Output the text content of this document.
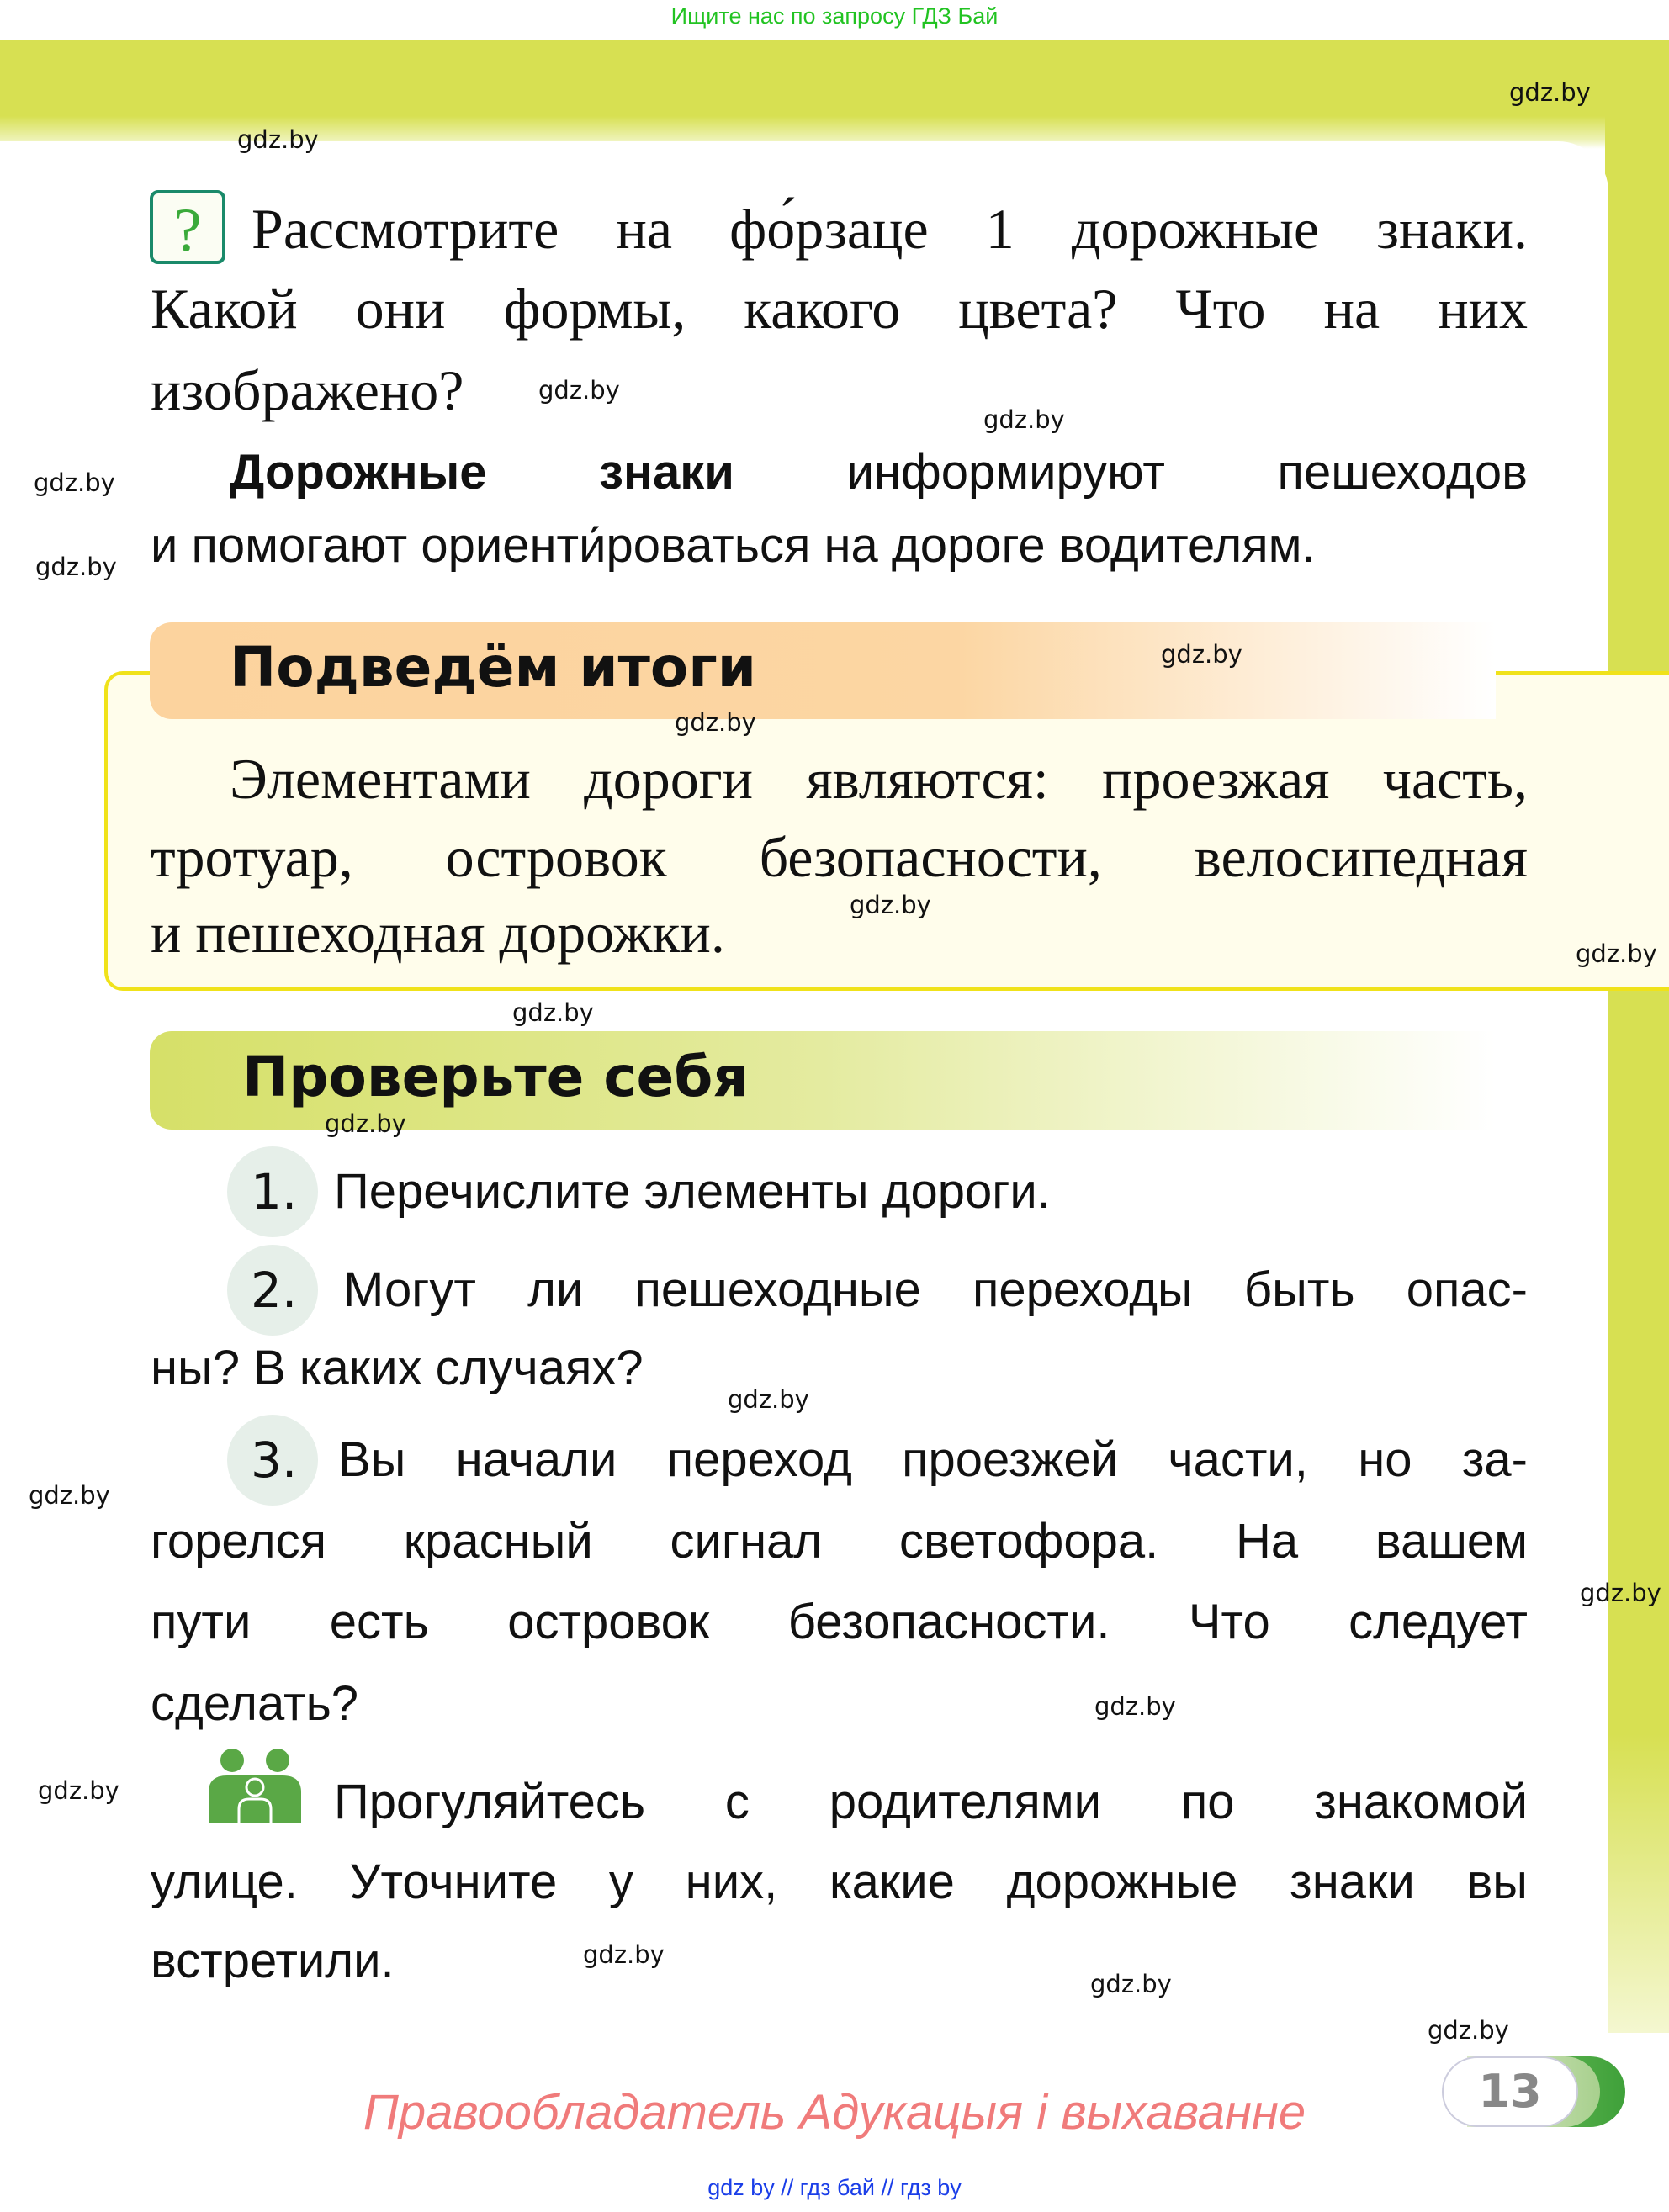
Ищите нас по запросу ГДЗ Бай
? Рассмотрите на фо́рзаце 1 дорожные знаки.
Какой они формы, какого цвета? Что на них
изображено?
Дорожные знаки информируют пешеходов
и помогают ориенти́роваться на дороге водителям.
Подведём итоги
Элементами дороги являются: проезжая часть,
тротуар, островок безопасности, велосипедная
и пешеходная дорожки.
Проверьте себя
1. Перечислите элементы дороги.
2. Могут ли пешеходные переходы быть опас-
ны? В каких случаях?
3. Вы начали переход проезжей части, но за-
горелся красный сигнал светофора. На вашем
пути есть островок безопасности. Что следует
сделать?
Прогуляйтесь с родителями по знакомой
улице. Уточните у них, какие дорожные знаки вы
встретили.
13
Правообладатель Адукацыя і выхаванне
gdz by // гдз бай // гдз by
gdz.by
gdz.by
gdz.by
gdz.by
gdz.by
gdz.by
gdz.by
gdz.by
gdz.by
gdz.by
gdz.by
gdz.by
gdz.by
gdz.by
gdz.by
gdz.by
gdz.by
gdz.by
gdz.by
gdz.by
